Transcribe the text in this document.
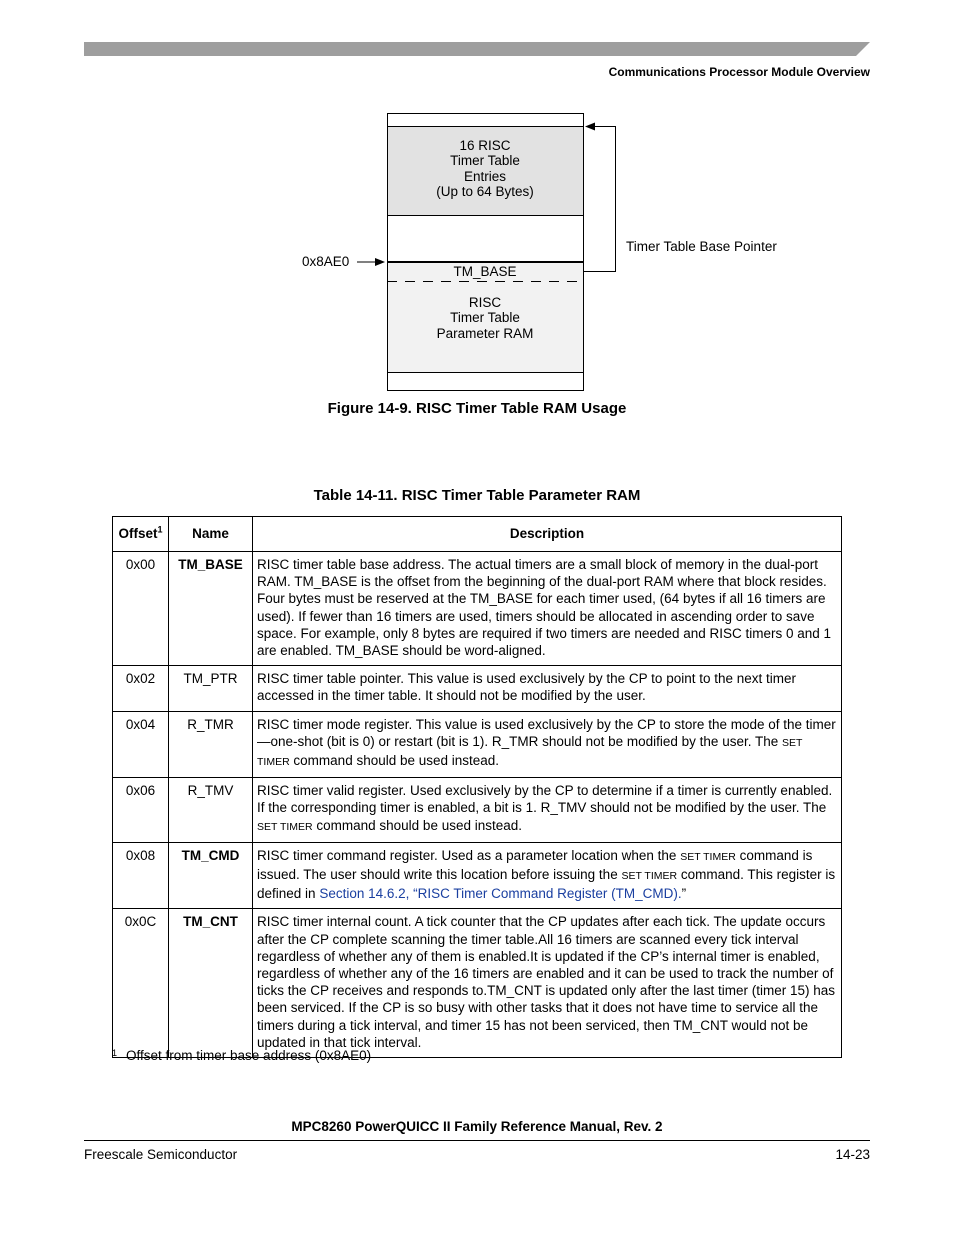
Communications Processor Module Overview
16 RISC
Timer Table
Entries
(Up to 64 Bytes)
TM_BASE
RISC
Timer Table
Parameter RAM
0x8AE0
Timer Table Base Pointer
Figure 14-9. RISC Timer Table RAM Usage
Table 14-11. RISC Timer Table Parameter RAM
Offset$^1$	Name	Description
0x00	TM_BASE	RISC timer table base address. The actual timers are a small block of memory in the dual-port RAM. TM_BASE is the offset from the beginning of the dual-port RAM where that block resides. Four bytes must be reserved at the TM_BASE for each timer used, (64 bytes if all 16 timers are used). If fewer than 16 timers are used, timers should be allocated in ascending order to save space. For example, only 8 bytes are required if two timers are needed and RISC timers 0 and 1 are enabled. TM_BASE should be word-aligned.
0x02	TM_PTR	RISC timer table pointer. This value is used exclusively by the CP to point to the next timer accessed in the timer table. It should not be modified by the user.
0x04	R_TMR	RISC timer mode register. This value is used exclusively by the CP to store the mode of the timer—one-shot (bit is 0) or restart (bit is 1). R_TMR should not be modified by the user. The SET TIMER command should be used instead.
0x06	R_TMV	RISC timer valid register. Used exclusively by the CP to determine if a timer is currently enabled. If the corresponding timer is enabled, a bit is 1. R_TMV should not be modified by the user. The SET TIMER command should be used instead.
0x08	TM_CMD	RISC timer command register. Used as a parameter location when the SET TIMER command is issued. The user should write this location before issuing the SET TIMER command. This register is defined in Section 14.6.2, “RISC Timer Command Register (TM_CMD).”
0x0C	TM_CNT	RISC timer internal count. A tick counter that the CP updates after each tick. The update occurs after the CP complete scanning the timer table.All 16 timers are scanned every tick interval regardless of whether any of them is enabled.It is updated if the CP’s internal timer is enabled, regardless of whether any of the 16 timers are enabled and it can be used to track the number of ticks the CP receives and responds to.TM_CNT is updated only after the last timer (timer 15) has been serviced. If the CP is so busy with other tasks that it does not have time to service all the timers during a tick interval, and timer 15 has not been serviced, then TM_CNT would not be updated in that tick interval.
$^1$ Offset from timer base address (0x8AE0)
MPC8260 PowerQUICC II Family Reference Manual, Rev. 2
Freescale Semiconductor	14-23
